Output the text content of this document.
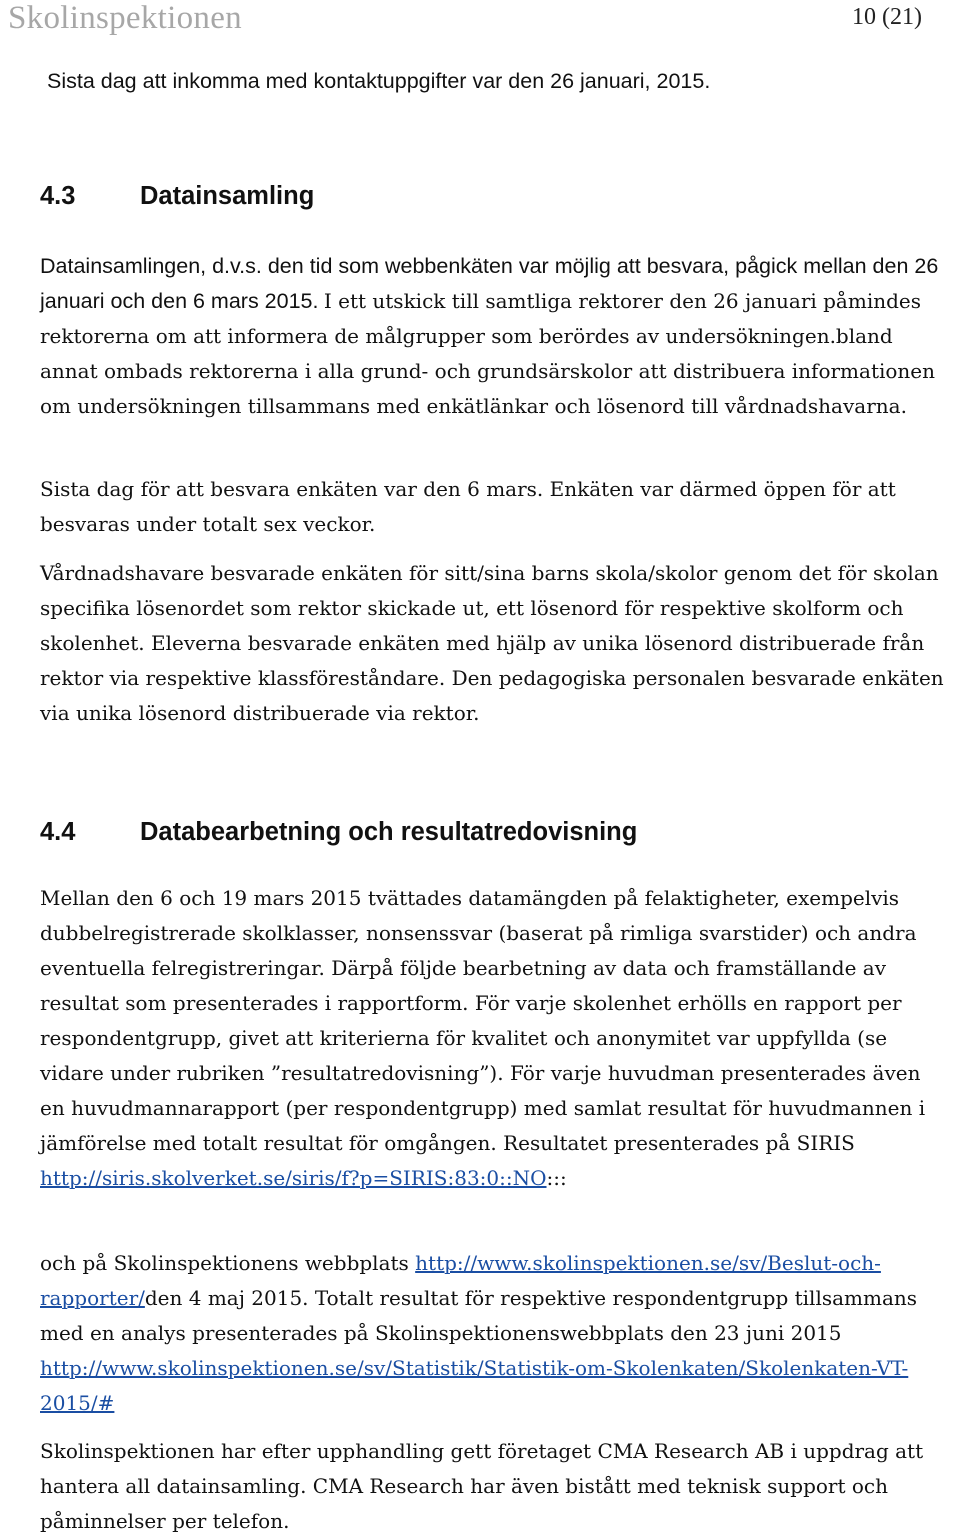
Skolinspektionen	10 (21)

Sista dag att inkomma med kontaktuppgifter var den 26 januari, 2015.

4.3	Datainsamling

Datainsamlingen, d.v.s. den tid som webbenkäten var möjlig att besvara, pågick mellan den 26 januari och den 6 mars 2015. I ett utskick till samtliga rektorer den 26 januari påmindes rektorerna om att informera de målgrupper som berördes av undersökningen.bland annat ombads rektorerna i alla grund- och grundsärskolor att distribuera informationen om undersökningen tillsammans med enkätlänkar och lösenord till vårdnadshavarna.

Sista dag för att besvara enkäten var den 6 mars. Enkäten var därmed öppen för att besvaras under totalt sex veckor.

Vårdnadshavare besvarade enkäten för sitt/sina barns skola/skolor genom det för skolan specifika lösenordet som rektor skickade ut, ett lösenord för respektive skolform och skolenhet. Eleverna besvarade enkäten med hjälp av unika lösenord distribuerade från rektor via respektive klassföreståndare. Den pedagogiska personalen besvarade enkäten via unika lösenord distribuerade via rektor.

4.4	Databearbetning och resultatredovisning

Mellan den 6 och 19 mars 2015 tvättades datamängden på felaktigheter, exempelvis dubbelregistrerade skolklasser, nonsenssvar (baserat på rimliga svarstider) och andra eventuella felregistreringar. Därpå följde bearbetning av data och framställande av resultat som presenterades i rapportform. För varje skolenhet erhölls en rapport per respondentgrupp, givet att kriterierna för kvalitet och anonymitet var uppfyllda (se vidare under rubriken ”resultatredovisning”). För varje huvudman presenterades även en huvudmannarapport (per respondentgrupp) med samlat resultat för huvudmannen i jämförelse med totalt resultat för omgången. Resultatet presenterades på SIRIS http://siris.skolverket.se/siris/f?p=SIRIS:83:0::NO:::

och på Skolinspektionens webbplats http://www.skolinspektionen.se/sv/Beslut-och-rapporter/den 4 maj 2015. Totalt resultat för respektive respondentgrupp tillsammans med en analys presenterades på Skolinspektionenswebbplats den 23 juni 2015 http://www.skolinspektionen.se/sv/Statistik/Statistik-om-Skolenkaten/Skolenkaten-VT-2015/#

Skolinspektionen har efter upphandling gett företaget CMA Research AB i uppdrag att hantera all datainsamling. CMA Research har även bistått med teknisk support och påminnelser per telefon.
